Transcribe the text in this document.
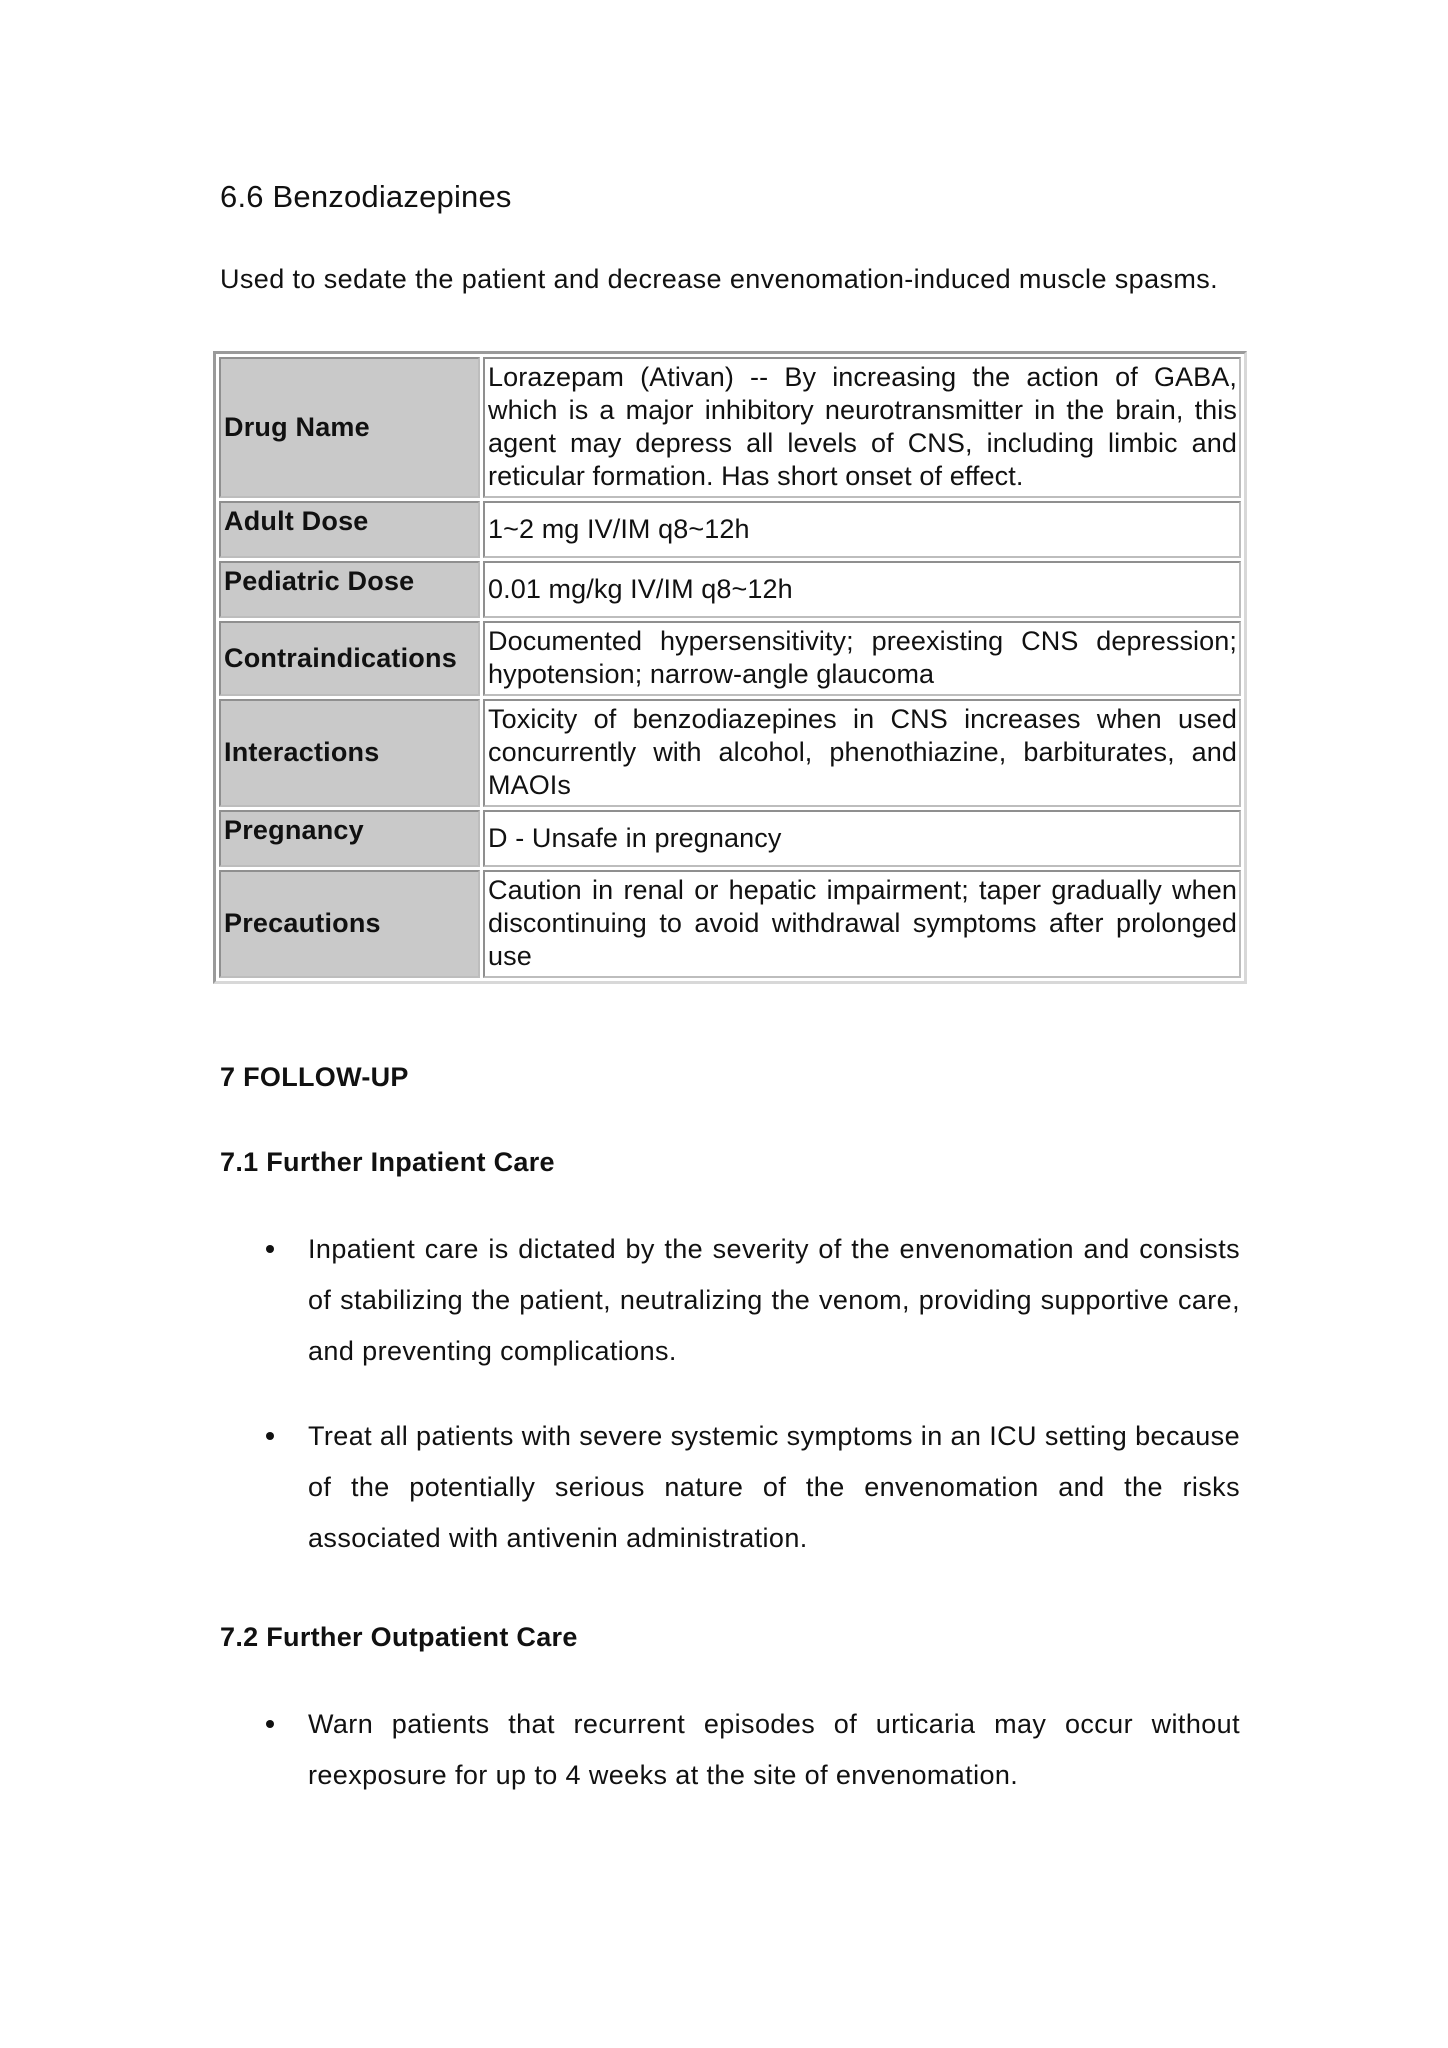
6.6 Benzodiazepines

Used to sedate the patient and decrease envenomation-induced muscle spasms.

Drug Name	Lorazepam (Ativan) -- By increasing the action of GABA, which is a major inhibitory neurotransmitter in the brain, this agent may depress all levels of CNS, including limbic and reticular formation. Has short onset of effect.
Adult Dose	1~2 mg IV/IM q8~12h
Pediatric Dose	0.01 mg/kg IV/IM q8~12h
Contraindications	Documented hypersensitivity; preexisting CNS depression; hypotension; narrow-angle glaucoma
Interactions	Toxicity of benzodiazepines in CNS increases when used concurrently with alcohol, phenothiazine, barbiturates, and MAOIs
Pregnancy	D - Unsafe in pregnancy
Precautions	Caution in renal or hepatic impairment; taper gradually when discontinuing to avoid withdrawal symptoms after prolonged use
7 FOLLOW-UP
7.1 Further Inpatient Care
Inpatient care is dictated by the severity of the envenomation and consists of stabilizing the patient, neutralizing the venom, providing supportive care, and preventing complications.
Treat all patients with severe systemic symptoms in an ICU setting because of the potentially serious nature of the envenomation and the risks associated with antivenin administration.
7.2 Further Outpatient Care
Warn patients that recurrent episodes of urticaria may occur without reexposure for up to 4 weeks at the site of envenomation.
